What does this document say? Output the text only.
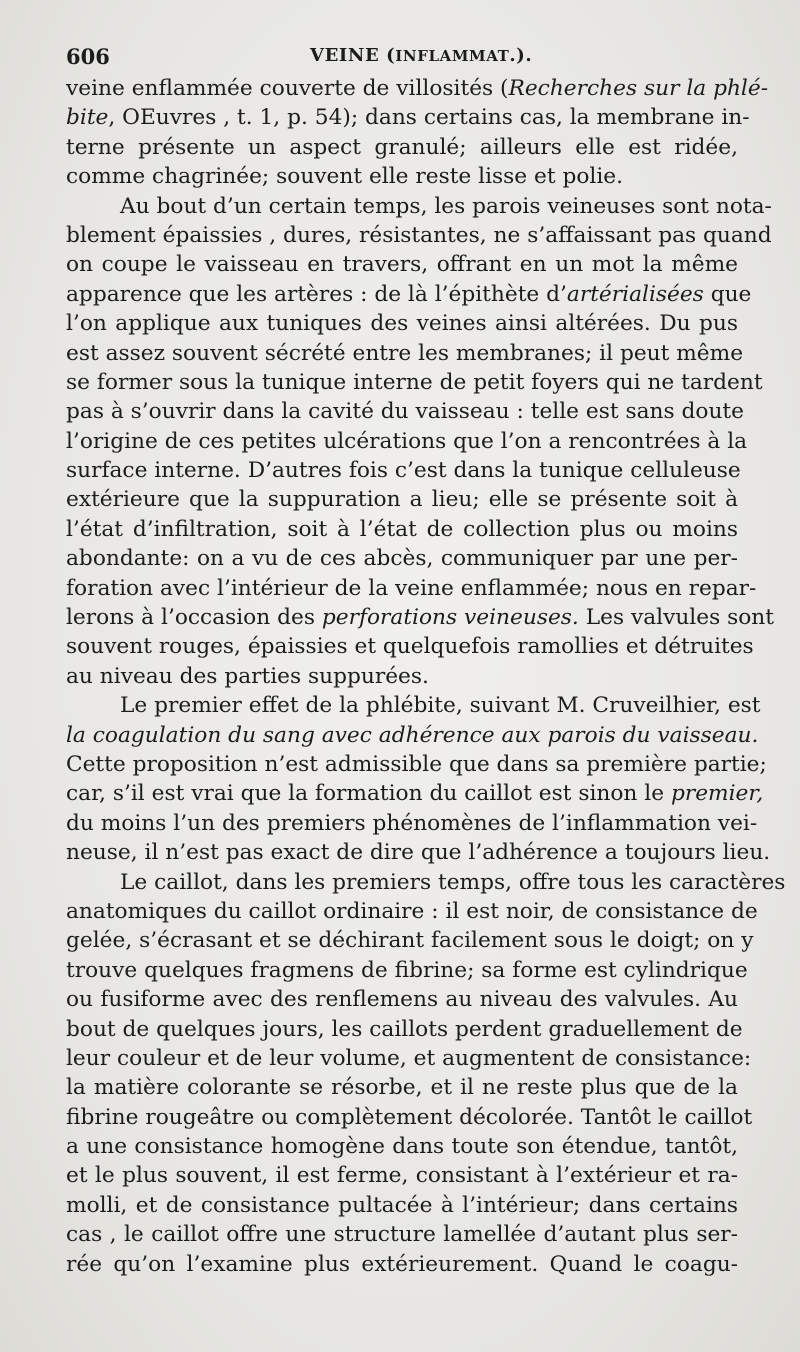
606	VEINE (INFLAMMAT.).
veine enflammée couverte de villosités (Recherches sur la phlé-
bite, OEuvres , t. 1, p. 54); dans certains cas, la membrane in-
terne présente un aspect granulé; ailleurs elle est ridée,
comme chagrinée; souvent elle reste lisse et polie.
Au bout d’un certain temps, les parois veineuses sont nota-
blement épaissies , dures, résistantes, ne s’affaissant pas quand
on coupe le vaisseau en travers, offrant en un mot la même
apparence que les artères : de là l’épithète d’artérialisées que
l’on applique aux tuniques des veines ainsi altérées. Du pus
est assez souvent sécrété entre les membranes; il peut même
se former sous la tunique interne de petit foyers qui ne tardent
pas à s’ouvrir dans la cavité du vaisseau : telle est sans doute
l’origine de ces petites ulcérations que l’on a rencontrées à la
surface interne. D’autres fois c’est dans la tunique celluleuse
extérieure que la suppuration a lieu; elle se présente soit à
l’état d’infiltration, soit à l’état de collection plus ou moins
abondante: on a vu de ces abcès, communiquer par une per-
foration avec l’intérieur de la veine enflammée; nous en repar-
lerons à l’occasion des perforations veineuses. Les valvules sont
souvent rouges, épaissies et quelquefois ramollies et détruites
au niveau des parties suppurées.
Le premier effet de la phlébite, suivant M. Cruveilhier, est
la coagulation du sang avec adhérence aux parois du vaisseau.
Cette proposition n’est admissible que dans sa première partie;
car, s’il est vrai que la formation du caillot est sinon le premier,
du moins l’un des premiers phénomènes de l’inflammation vei-
neuse, il n’est pas exact de dire que l’adhérence a toujours lieu.
Le caillot, dans les premiers temps, offre tous les caractères
anatomiques du caillot ordinaire : il est noir, de consistance de
gelée, s’écrasant et se déchirant facilement sous le doigt; on y
trouve quelques fragmens de fibrine; sa forme est cylindrique
ou fusiforme avec des renflemens au niveau des valvules. Au
bout de quelques jours, les caillots perdent graduellement de
leur couleur et de leur volume, et augmentent de consistance:
la matière colorante se résorbe, et il ne reste plus que de la
fibrine rougeâtre ou complètement décolorée. Tantôt le caillot
a une consistance homogène dans toute son étendue, tantôt,
et le plus souvent, il est ferme, consistant à l’extérieur et ra-
molli, et de consistance pultacée à l’intérieur; dans certains
cas , le caillot offre une structure lamellée d’autant plus ser-
rée qu’on l’examine plus extérieurement. Quand le coagu-
